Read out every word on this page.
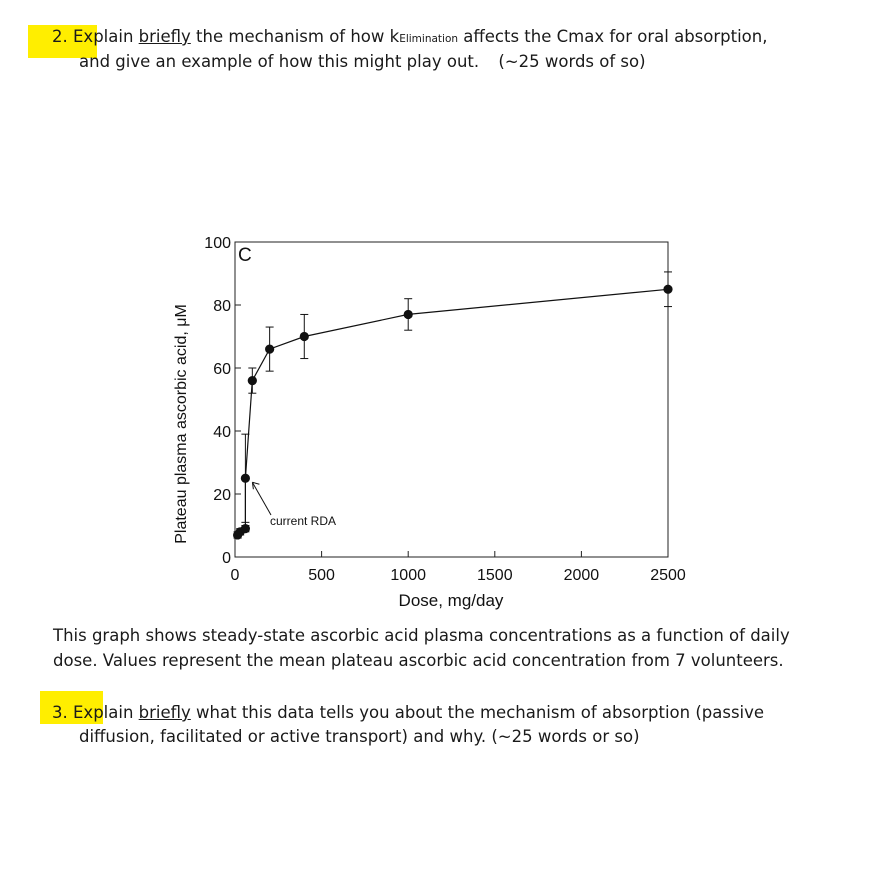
2. Explain briefly the mechanism of how kElimination affects the Cmax for oral absorption,
and give an example of how this might play out. (~25 words of so)
0
20
40
60
80
100
0	500	1000	1500	2000	2500
Plateau plasma ascorbic acid, μM
Dose, mg/day
C
current RDA
This graph shows steady-state ascorbic acid plasma concentrations as a function of daily
dose. Values represent the mean plateau ascorbic acid concentration from 7 volunteers.
3. Explain briefly what this data tells you about the mechanism of absorption (passive
diffusion, facilitated or active transport) and why. (~25 words or so)
